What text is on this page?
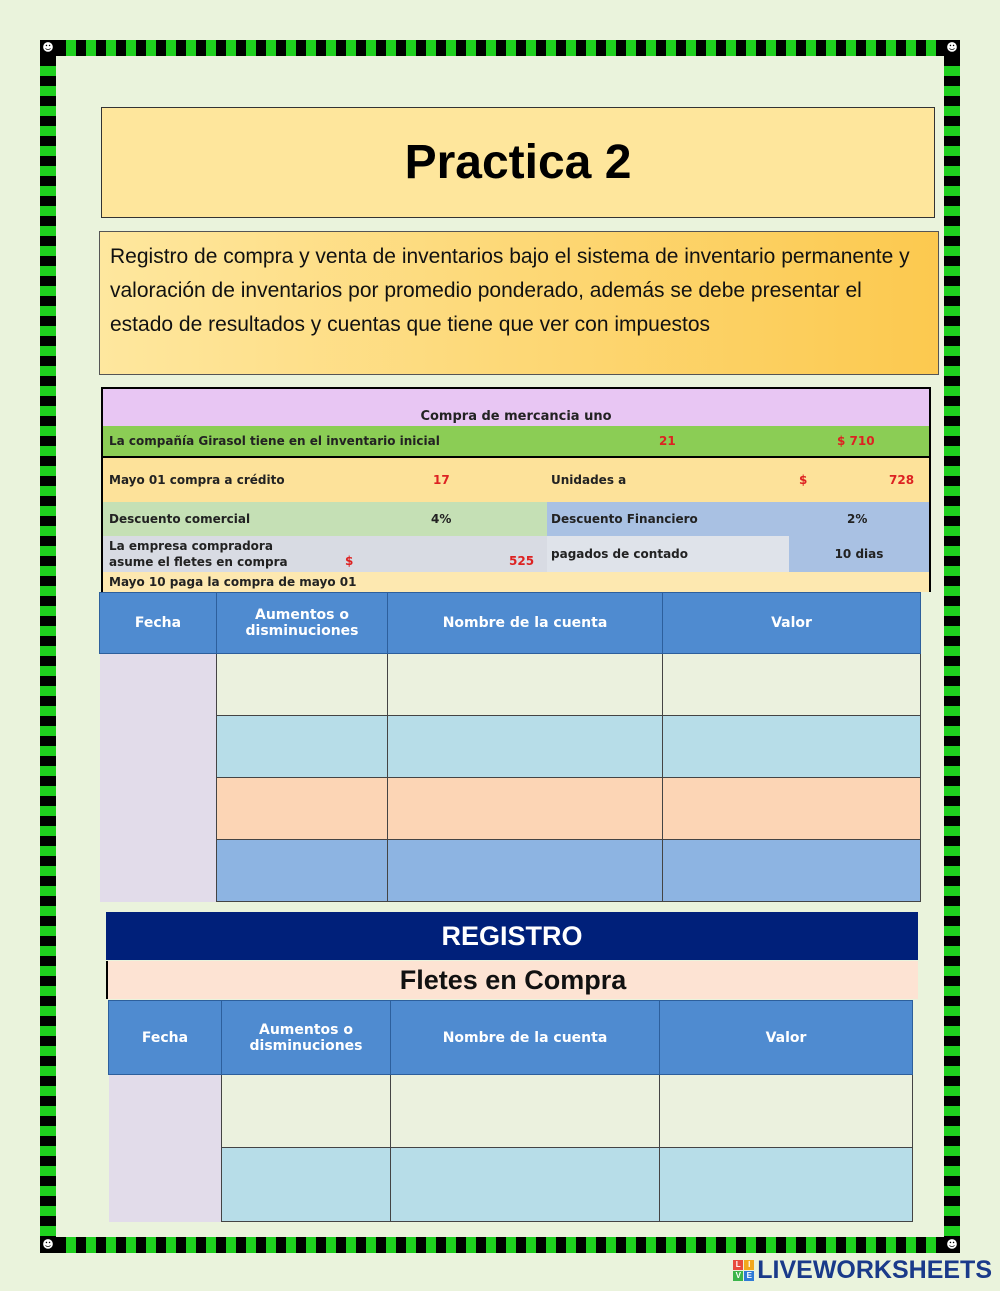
☻	☻
☻	☻
Practica 2
Registro de compra y venta de inventarios bajo el sistema de inventario permanente y valoración de inventarios por promedio ponderado, además se debe presentar el estado de resultados y cuentas que tiene que ver con impuestos
Compra de mercancia uno
La compañía Girasol tiene en el inventario inicial	21	$ 710
Mayo 01 compra a crédito	17	Unidades a	$	728
Descuento comercial	4%	Descuento Financiero	2%
La empresa compradora
asume el fletes en compra	$	525	pagados de contado	10 dias
Mayo 10 paga la compra de mayo 01
Fecha	Aumentos o disminuciones	Nombre de la cuenta	Valor

REGISTRO
Fletes en Compra
Fecha	Aumentos o disminuciones	Nombre de la cuenta	Valor

L I
V E LIVEWORKSHEETS
